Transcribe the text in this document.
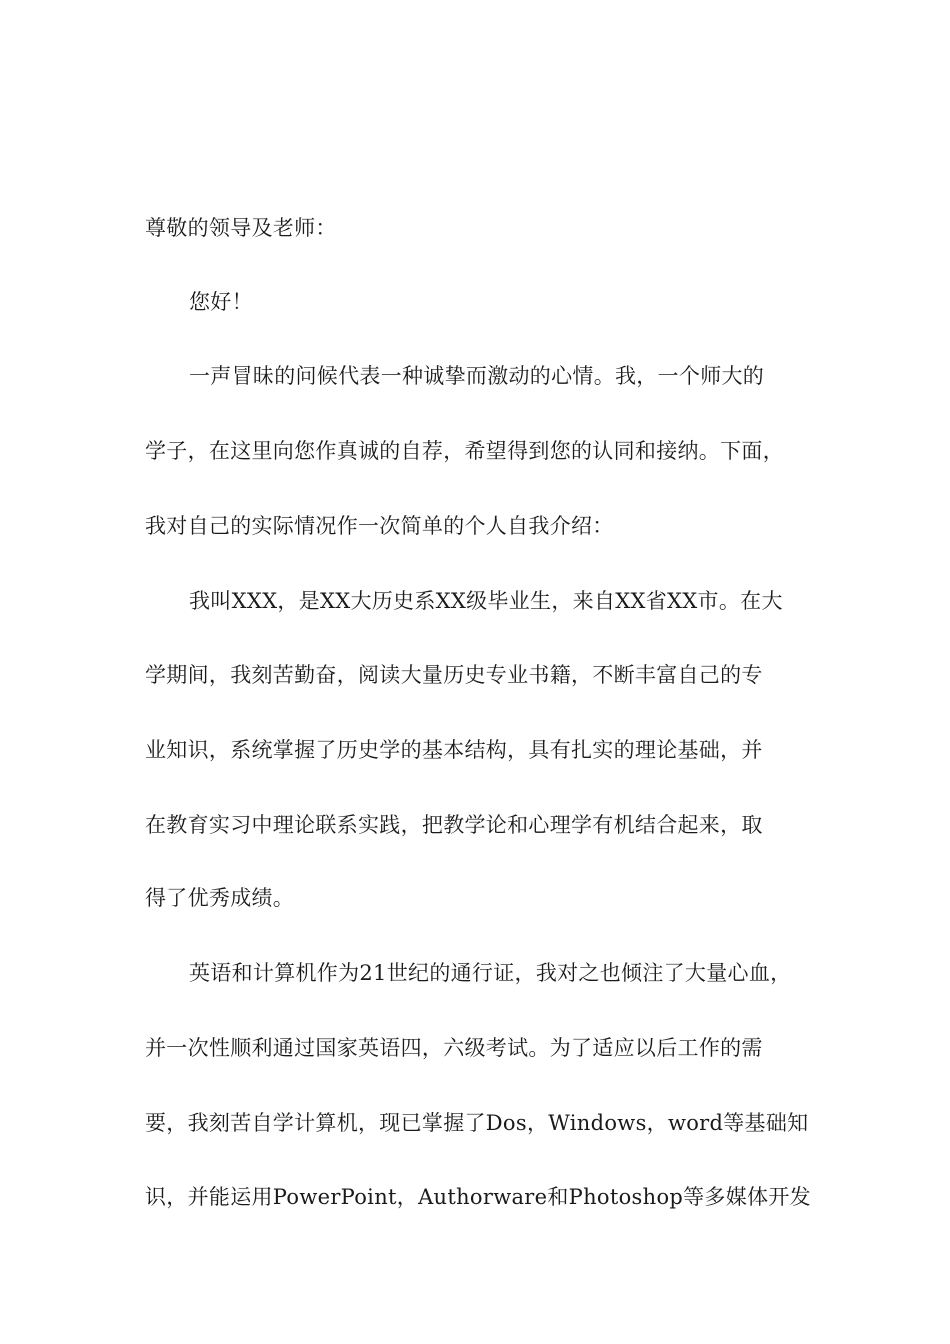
尊敬的领导及老师：
您好！
一声冒昧的问候代表一种诚挚而激动的心情。我，一个师大的
学子，在这里向您作真诚的自荐，希望得到您的认同和接纳。下面，
我对自己的实际情况作一次简单的个人自我介绍：
我叫XXX，是XX大历史系XX级毕业生，来自XX省XX市。在大
学期间，我刻苦勤奋，阅读大量历史专业书籍，不断丰富自己的专
业知识，系统掌握了历史学的基本结构，具有扎实的理论基础，并
在教育实习中理论联系实践，把教学论和心理学有机结合起来，取
得了优秀成绩。
英语和计算机作为21世纪的通行证，我对之也倾注了大量心血，
并一次性顺利通过国家英语四，六级考试。为了适应以后工作的需
要，我刻苦自学计算机，现已掌握了Dos，Windows，word等基础知
识，并能运用PowerPoint，Authorware和Photoshop等多媒体开发
